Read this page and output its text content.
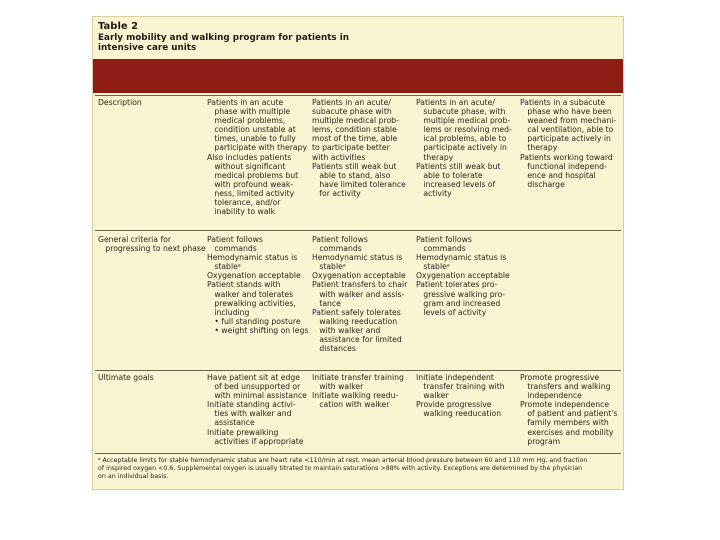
Table 2
Early mobility and walking program for patients in
intensive care units
Description	Patients in an acute
phase with multiple
medical problems,
condition unstable at
times, unable to fully
participate with therapy
Also includes patients
without significant
medical problems but
with profound weak-
ness, limited activity
tolerance, and/or
inability to walk
Patients in an acute/
subacute phase with
multiple medical prob-
lems, condition stable
most of the time, able
to participate better
with activities
Patients still weak but
able to stand, also
have limited tolerance
for activity
Patients in an acute/
subacute phase, with
multiple medical prob-
lems or resolving med-
ical problems, able to
participate actively in
therapy
Patients still weak but
able to tolerate
increased levels of
activity
Patients in a subacute
phase who have been
weaned from mechani-
cal ventilation, able to
participate actively in
therapy
Patients working toward
functional independ-
ence and hospital
discharge
General criteria for
progressing to next phase
Patient follows
commands
Hemodynamic status is
stableᵃ
Oxygenation acceptable
Patient stands with
walker and tolerates
prewalking activities,
including
• full standing posture
• weight shifting on legs
Patient follows
commands
Hemodynamic status is
stableᵃ
Oxygenation acceptable
Patient transfers to chair
with walker and assis-
tance
Patient safely tolerates
walking reeducation
with walker and
assistance for limited
distances
Patient follows
commands
Hemodynamic status is
stableᵃ
Oxygenation acceptable
Patient tolerates pro-
gressive walking pro-
gram and increased
levels of activity
Ultimate goals	Have patient sit at edge
of bed unsupported or
with minimal assistance
Initiate standing activi-
ties with walker and
assistance
Initiate prewalking
activities if appropriate
Initiate transfer training
with walker
Initiate walking reedu-
cation with walker
Initiate independent
transfer training with
walker
Provide progressive
walking reeducation
Promote progressive
transfers and walking
independence
Promote independence
of patient and patient's
family members with
exercises and mobility
program
ᵃ Acceptable limits for stable hemodynamic status are heart rate <110/min at rest, mean arterial blood pressure between 60 and 110 mm Hg, and fraction
of inspired oxygen <0.6. Supplemental oxygen is usually titrated to maintain saturations >88% with activity. Exceptions are determined by the physician
on an individual basis.
